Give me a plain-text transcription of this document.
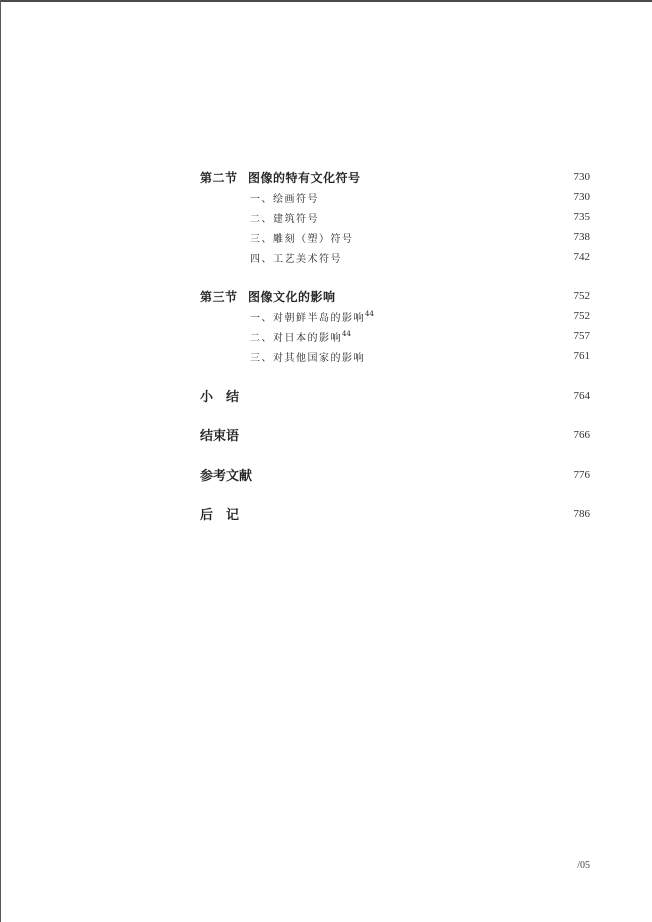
第二节 图像的特有文化符号	730
一、绘画符号	730
二、建筑符号	735
三、雕刻（塑）符号	738
四、工艺美术符号	742
第三节 图像文化的影响	752
一、对朝鲜半岛的影响$^{44}$	752
二、对日本的影响$^{44}$	757
三、对其他国家的影响	761
小　结	764
结束语	766
参考文献	776
后　记	786
/05
